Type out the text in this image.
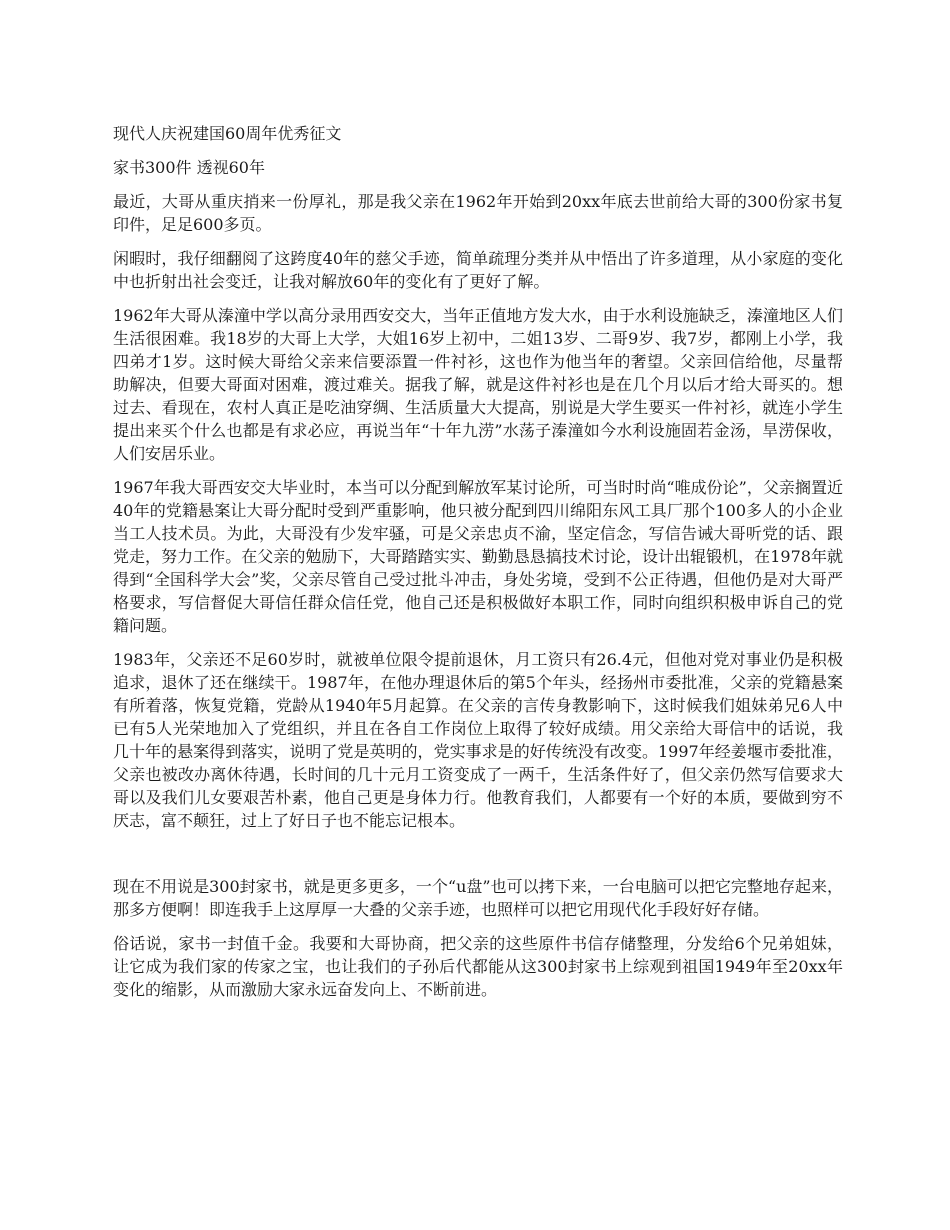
现代人庆祝建国60周年优秀征文

家书300件 透视60年

最近，大哥从重庆捎来一份厚礼，那是我父亲在1962年开始到20xx年底去世前给大哥的300份家书复印件，足足600多页。

闲暇时，我仔细翻阅了这跨度40年的慈父手迹，简单疏理分类并从中悟出了许多道理，从小家庭的变化中也折射出社会变迁，让我对解放60年的变化有了更好了解。

1962年大哥从溱潼中学以高分录用西安交大，当年正值地方发大水，由于水利设施缺乏，溱潼地区人们生活很困难。我18岁的大哥上大学，大姐16岁上初中，二姐13岁、二哥9岁、我7岁，都刚上小学，我四弟才1岁。这时候大哥给父亲来信要添置一件衬衫，这也作为他当年的奢望。父亲回信给他，尽量帮助解决，但要大哥面对困难，渡过难关。据我了解，就是这件衬衫也是在几个月以后才给大哥买的。想过去、看现在，农村人真正是吃油穿绸、生活质量大大提高，别说是大学生要买一件衬衫，就连小学生提出来买个什么也都是有求必应，再说当年“十年九涝”水荡子溱潼如今水利设施固若金汤，旱涝保收，人们安居乐业。

1967年我大哥西安交大毕业时，本当可以分配到解放军某讨论所，可当时时尚“唯成份论”，父亲搁置近40年的党籍悬案让大哥分配时受到严重影响，他只被分配到四川绵阳东风工具厂那个100多人的小企业当工人技术员。为此，大哥没有少发牢骚，可是父亲忠贞不渝，坚定信念，写信告诫大哥听党的话、跟党走，努力工作。在父亲的勉励下，大哥踏踏实实、勤勤恳恳搞技术讨论，设计出辊锻机，在1978年就得到“全国科学大会”奖，父亲尽管自己受过批斗冲击，身处劣境，受到不公正待遇，但他仍是对大哥严格要求，写信督促大哥信任群众信任党，他自己还是积极做好本职工作，同时向组织积极申诉自己的党籍问题。

1983年，父亲还不足60岁时，就被单位限令提前退休，月工资只有26.4元，但他对党对事业仍是积极追求，退休了还在继续干。1987年，在他办理退休后的第5个年头，经扬州市委批准，父亲的党籍悬案有所着落，恢复党籍，党龄从1940年5月起算。在父亲的言传身教影响下，这时候我们姐妹弟兄6人中已有5人光荣地加入了党组织，并且在各自工作岗位上取得了较好成绩。用父亲给大哥信中的话说，我几十年的悬案得到落实，说明了党是英明的，党实事求是的好传统没有改变。1997年经姜堰市委批准，父亲也被改办离休待遇，长时间的几十元月工资变成了一两千，生活条件好了，但父亲仍然写信要求大哥以及我们儿女要艰苦朴素，他自己更是身体力行。他教育我们，人都要有一个好的本质，要做到穷不厌志，富不颠狂，过上了好日子也不能忘记根本。

现在不用说是300封家书，就是更多更多，一个“u盘”也可以拷下来，一台电脑可以把它完整地存起来，那多方便啊！即连我手上这厚厚一大叠的父亲手迹，也照样可以把它用现代化手段好好存储。

俗话说，家书一封值千金。我要和大哥协商，把父亲的这些原件书信存储整理，分发给6个兄弟姐妹，让它成为我们家的传家之宝，也让我们的子孙后代都能从这300封家书上综观到祖国1949年至20xx年变化的缩影，从而激励大家永远奋发向上、不断前进。
